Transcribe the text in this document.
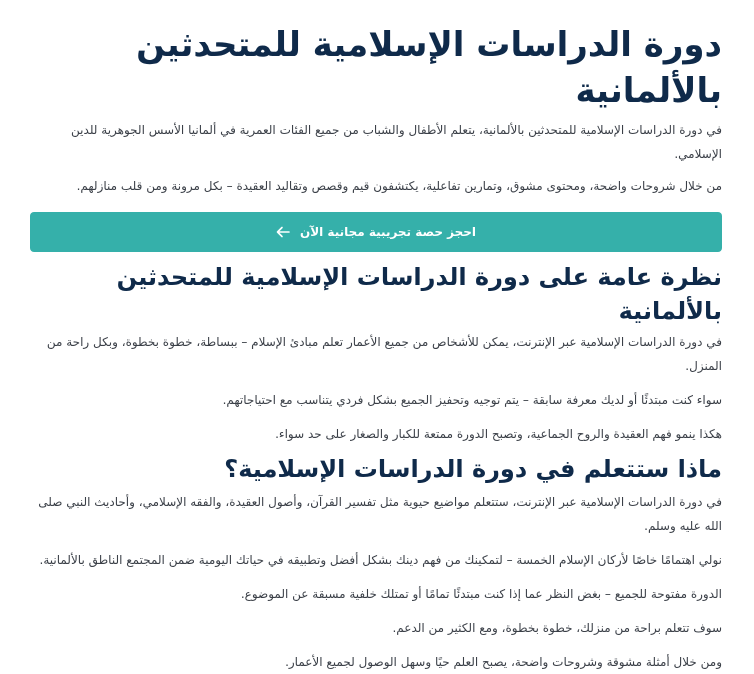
دورة الدراسات الإسلامية للمتحدثين بالألمانية

في دورة الدراسات الإسلامية للمتحدثين بالألمانية، يتعلم الأطفال والشباب من جميع الفئات العمرية في ألمانيا الأسس الجوهرية للدين الإسلامي.

من خلال شروحات واضحة، ومحتوى مشوق، وتمارين تفاعلية، يكتشفون قيم وقصص وتقاليد العقيدة – بكل مرونة ومن قلب منازلهم.

احجز حصة تجريبية مجانية الآن
نظرة عامة على دورة الدراسات الإسلامية للمتحدثين بالألمانية

في دورة الدراسات الإسلامية عبر الإنترنت، يمكن للأشخاص من جميع الأعمار تعلم مبادئ الإسلام – ببساطة، خطوة بخطوة، وبكل راحة من المنزل.

سواء كنت مبتدئًا أو لديك معرفة سابقة – يتم توجيه وتحفيز الجميع بشكل فردي يتناسب مع احتياجاتهم.

هكذا ينمو فهم العقيدة والروح الجماعية، وتصبح الدورة ممتعة للكبار والصغار على حد سواء.

ماذا ستتعلم في دورة الدراسات الإسلامية؟

في دورة الدراسات الإسلامية عبر الإنترنت، ستتعلم مواضيع حيوية مثل تفسير القرآن، وأصول العقيدة، والفقه الإسلامي، وأحاديث النبي صلى الله عليه وسلم.

نولي اهتمامًا خاصًا لأركان الإسلام الخمسة – لتمكينك من فهم دينك بشكل أفضل وتطبيقه في حياتك اليومية ضمن المجتمع الناطق بالألمانية.

الدورة مفتوحة للجميع – بغض النظر عما إذا كنت مبتدئًا تمامًا أو تمتلك خلفية مسبقة عن الموضوع.

سوف تتعلم براحة من منزلك، خطوة بخطوة، ومع الكثير من الدعم.

ومن خلال أمثلة مشوقة وشروحات واضحة، يصبح العلم حيًا وسهل الوصول لجميع الأعمار.
